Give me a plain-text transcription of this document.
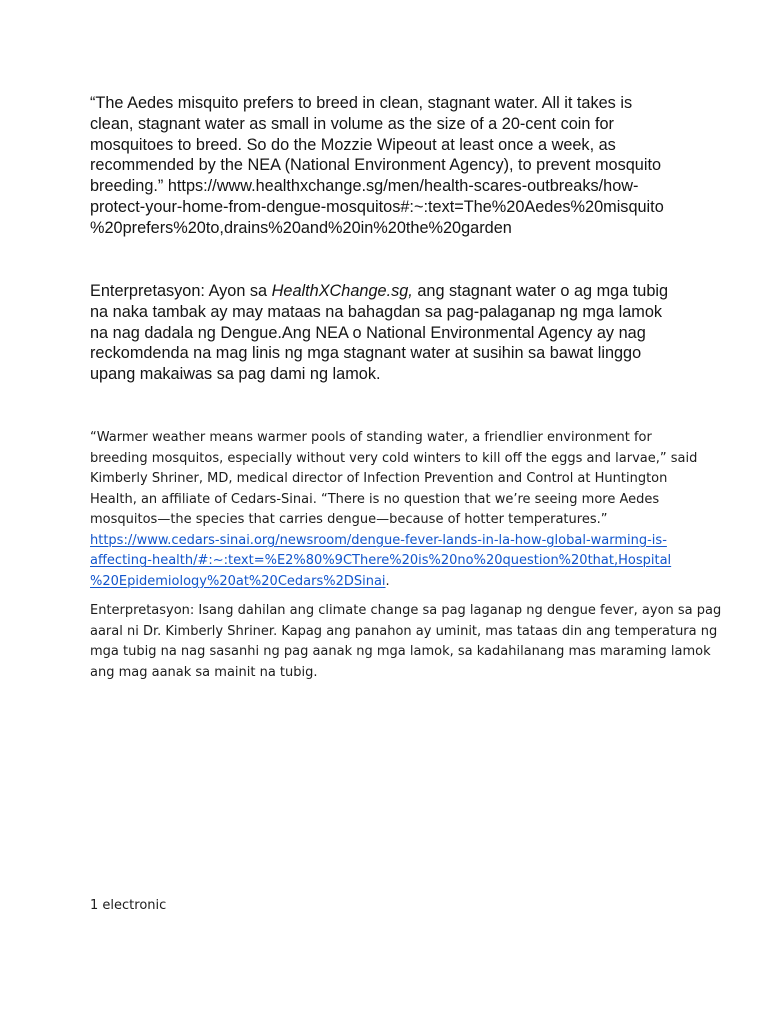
“The Aedes misquito prefers to breed in clean, stagnant water. All it takes is
clean, stagnant water as small in volume as the size of a 20-cent coin for
mosquitoes to breed. So do the Mozzie Wipeout at least once a week, as
recommended by the NEA (National Environment Agency), to prevent mosquito
breeding.” https://www.healthxchange.sg/men/health-scares-outbreaks/how-
protect-your-home-from-dengue-mosquitos#:~:text=The%20Aedes%20misquito
%20prefers%20to,drains%20and%20in%20the%20garden

Enterpretasyon: Ayon sa HealthXChange.sg, ang stagnant water o ag mga tubig
na naka tambak ay may mataas na bahagdan sa pag-palaganap ng mga lamok
na nag dadala ng Dengue.Ang NEA o National Environmental Agency ay nag
reckomdenda na mag linis ng mga stagnant water at susihin sa bawat linggo
upang makaiwas sa pag dami ng lamok.

“Warmer weather means warmer pools of standing water, a friendlier environment for
breeding mosquitos, especially without very cold winters to kill off the eggs and larvae,” said
Kimberly Shriner, MD, medical director of Infection Prevention and Control at Huntington
Health, an affiliate of Cedars-Sinai. “There is no question that we’re seeing more Aedes
mosquitos—the species that carries dengue—because of hotter temperatures.”
https://www.cedars-sinai.org/newsroom/dengue-fever-lands-in-la-how-global-warming-is-
affecting-health/#:~:text=%E2%80%9CThere%20is%20no%20question%20that,Hospital
%20Epidemiology%20at%20Cedars%2DSinai.

Enterpretasyon: Isang dahilan ang climate change sa pag laganap ng dengue fever, ayon sa pag
aaral ni Dr. Kimberly Shriner. Kapag ang panahon ay uminit, mas tataas din ang temperatura ng
mga tubig na nag sasanhi ng pag aanak ng mga lamok, sa kadahilanang mas maraming lamok
ang mag aanak sa mainit na tubig.

1 electronic
